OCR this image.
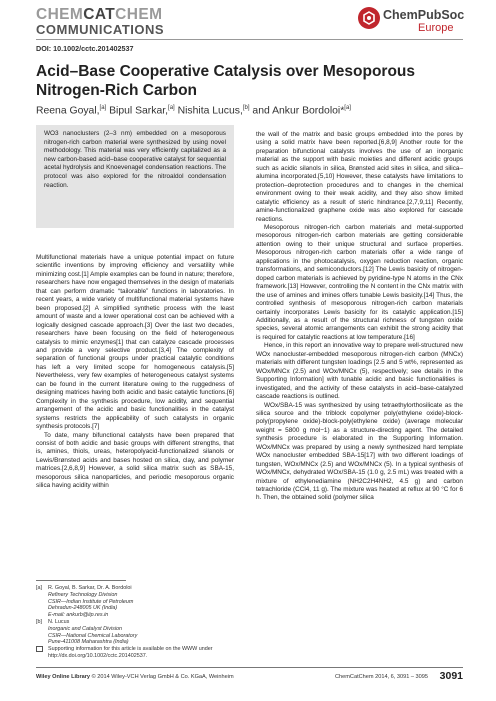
CHEMCATCHEM
COMMUNICATIONS
ChemPubSoc
Europe
DOI: 10.1002/cctc.201402537
Acid–Base Cooperative Catalysis over Mesoporous Nitrogen-Rich Carbon
Reena Goyal,[a] Bipul Sarkar,[a] Nishita Lucus,[b] and Ankur Bordoloi*[a]
WO3 nanoclusters (2–3 nm) embedded on a mesoporous nitrogen-rich carbon material were synthesized by using novel methodology. This material was very efficiently capitalized as a new carbon-based acid–base cooperative catalyst for sequential acetal hydrolysis and Knoevenagel condensation reactions. The protocol was also explored for the nitroaldol condensation reaction.

Multifunctional materials have a unique potential impact on future scientific inventions by improving efficiency and versatility while minimizing cost.[1] Ample examples can be found in nature; therefore, researchers have now engaged themselves in the design of materials that can perform dramatic “tailorable” functions in laboratories. In recent years, a wide variety of multifunctional material systems have been proposed.[2] A simplified synthetic process with the least amount of waste and a lower operational cost can be achieved with a logically designed cascade approach.[3] Over the last two decades, researchers have been focusing on the field of heterogeneous catalysis to mimic enzymes[1] that can catalyze cascade processes and provide a very selective product.[3,4] The complexity of separation of functional groups under practical catalytic conditions has left a very limited scope for homogeneous catalysis.[5] Nevertheless, very few examples of heterogeneous catalyst systems can be found in the current literature owing to the ruggedness of designing matrices having both acidic and basic catalytic functions.[6] Complexity in the synthesis procedure, low acidity, and sequential arrangement of the acidic and basic functionalities in the catalyst systems restricts the applicability of such catalysts in organic synthesis protocols.[7]

To date, many bifunctional catalysts have been prepared that consist of both acidic and basic groups with different strengths, that is, amines, thiols, ureas, heteropolyacid-functionalized silanols or Lewis/Brønsted acids and bases hosted on silica, clay, and polymer matrices.[2,6,8,9] However, a solid silica matrix such as SBA-15, mesoporous silica nanoparticles, and periodic mesoporous organic silica having acidity within

the wall of the matrix and basic groups embedded into the pores by using a solid matrix have been reported.[6,8,9] Another route for the preparation bifunctional catalysts involves the use of an inorganic material as the support with basic moieties and different acidic groups such as acidic silanols in silica, Brønsted acid sites in silica, and silica–alumina incorporated.[5,10] However, these catalysts have limitations to protection–deprotection procedures and to changes in the chemical environment owing to their weak acidity, and they also show limited catalytic efficiency as a result of steric hindrance.[2,7,9,11] Recently, amine-functionalized graphene oxide was also explored for cascade reactions.

Mesoporous nitrogen-rich carbon materials and metal-supported mesoporous nitrogen-rich carbon materials are getting considerable attention owing to their unique structural and surface properties. Mesoporous nitrogen-rich carbon materials offer a wide range of applications in the photocatalysis, oxygen reduction reaction, organic transformations, and semiconductors.[12] The Lewis basicity of nitrogen-doped carbon materials is achieved by pyridine-type N atoms in the CNx framework.[13] However, controlling the N content in the CNx matrix with the use of amines and imines offers tunable Lewis basicity.[14] Thus, the controlled synthesis of mesoporous nitrogen-rich carbon materials certainly incorporates Lewis basicity for its catalytic application.[15] Additionally, as a result of the structural richness of tungsten oxide species, several atomic arrangements can exhibit the strong acidity that is required for catalytic reactions at low temperature.[16]

Hence, in this report an innovative way to prepare well-structured new WOx nanocluster-embedded mesoporous nitrogen-rich carbon (MNCx) materials with different tungsten loadings [2.5 and 5 wt%, represented as WOx/MNCx (2.5) and WOx/MNCx (5), respectively; see details in the Supporting Information] with tunable acidic and basic functionalities is investigated, and the activity of these catalysts in acid–base-catalyzed cascade reactions is outlined.

WOx/SBA-15 was synthesized by using tetraethylorthosilicate as the silica source and the triblock copolymer poly(ethylene oxide)-block-poly(propylene oxide)-block-poly(ethylene oxide) (average molecular weight = 5800 g mol−1) as a structure-directing agent. The detailed synthesis procedure is elaborated in the Supporting Information. WOx/MNCx was prepared by using a newly synthesized hard template WOx nanocluster embedded SBA-15[17] with two different loadings of tungsten, WOx/MNCx (2.5) and WOx/MNCx (5). In a typical synthesis of WOx/MNCx, dehydrated WOx/SBA-15 (1.0 g, 2.5 mL) was treated with a mixture of ethylenediamine (NH2C2H4NH2, 4.5 g) and carbon tetrachloride (CCl4, 11 g). The mixture was heated at reflux at 90 °C for 6 h. Then, the obtained solid (polymer silica

[a]	R. Goyal, B. Sarkar, Dr. A. Bordoloi
Refinery Technology Division
CSIR—Indian Institute of Petroleum
Dehradun-248005 UK (India)
E-mail: ankurb@iip.res.in
[b]	N. Lucus
Inorganic and Catalyst Division
CSIR—National Chemical Laboratory
Pune-411008 Maharashtra (India)
Supporting information for this article is available on the WWW under http://dx.doi.org/10.1002/cctc.201402537.
Wiley Online Library © 2014 Wiley-VCH Verlag GmbH & Co. KGaA, Weinheim	ChemCatChem 2014, 6, 3091 – 3095 3091
